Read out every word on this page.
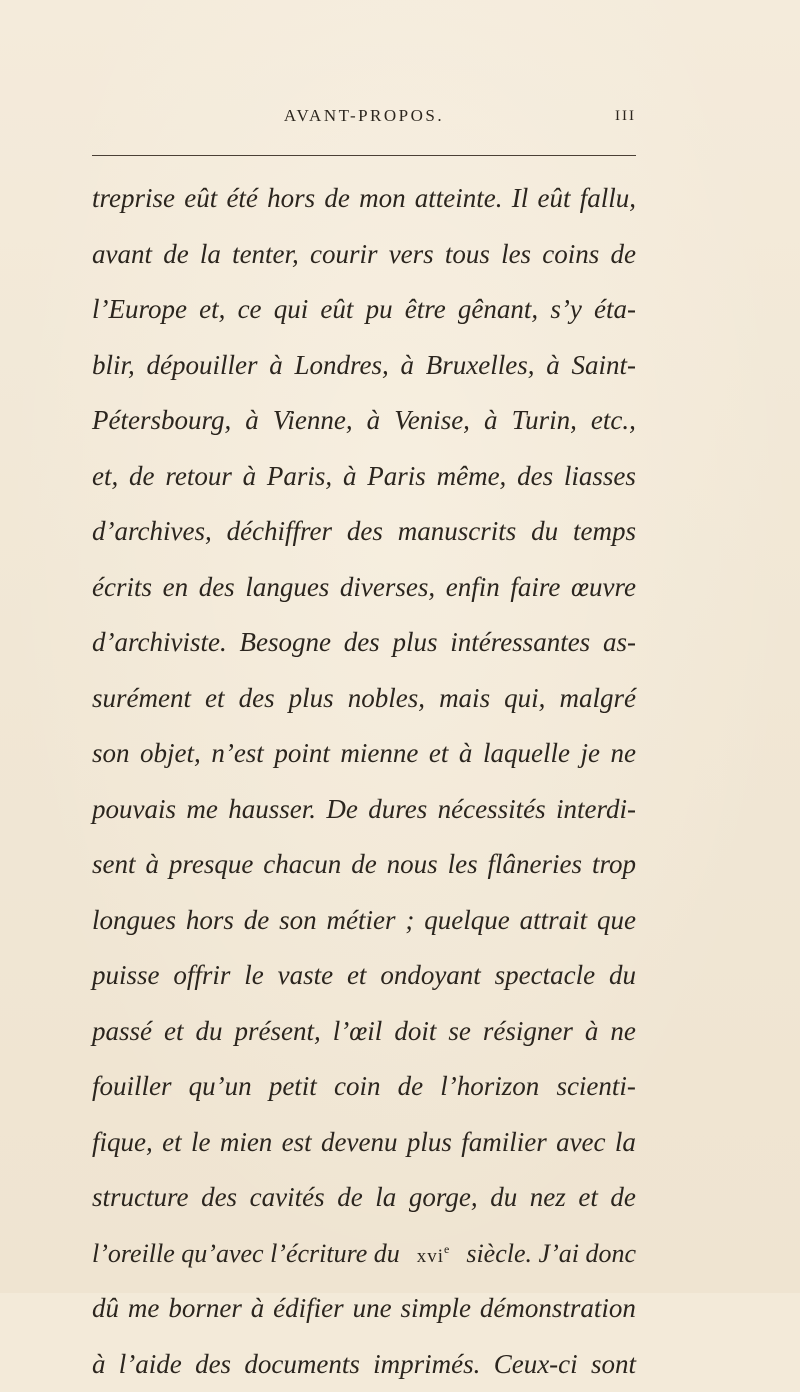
AVANT-PROPOS.	III
treprise eût été hors de mon atteinte. Il eût fallu,
avant de la tenter, courir vers tous les coins de
l’Europe et, ce qui eût pu être gênant, s’y éta-
blir, dépouiller à Londres, à Bruxelles, à Saint-
Pétersbourg, à Vienne, à Venise, à Turin, etc.,
et, de retour à Paris, à Paris même, des liasses
d’archives, déchiffrer des manuscrits du temps
écrits en des langues diverses, enfin faire œuvre
d’archiviste. Besogne des plus intéressantes as-
surément et des plus nobles, mais qui, malgré
son objet, n’est point mienne et à laquelle je ne
pouvais me hausser. De dures nécessités interdi-
sent à presque chacun de nous les flâneries trop
longues hors de son métier ; quelque attrait que
puisse offrir le vaste et ondoyant spectacle du
passé et du présent, l’œil doit se résigner à ne
fouiller qu’un petit coin de l’horizon scienti-
fique, et le mien est devenu plus familier avec la
structure des cavités de la gorge, du nez et de
l’oreille qu’avec l’écriture du xvi$^e$ siècle. J’ai donc
dû me borner à édifier une simple démonstration
à l’aide des documents imprimés. Ceux-ci sont
